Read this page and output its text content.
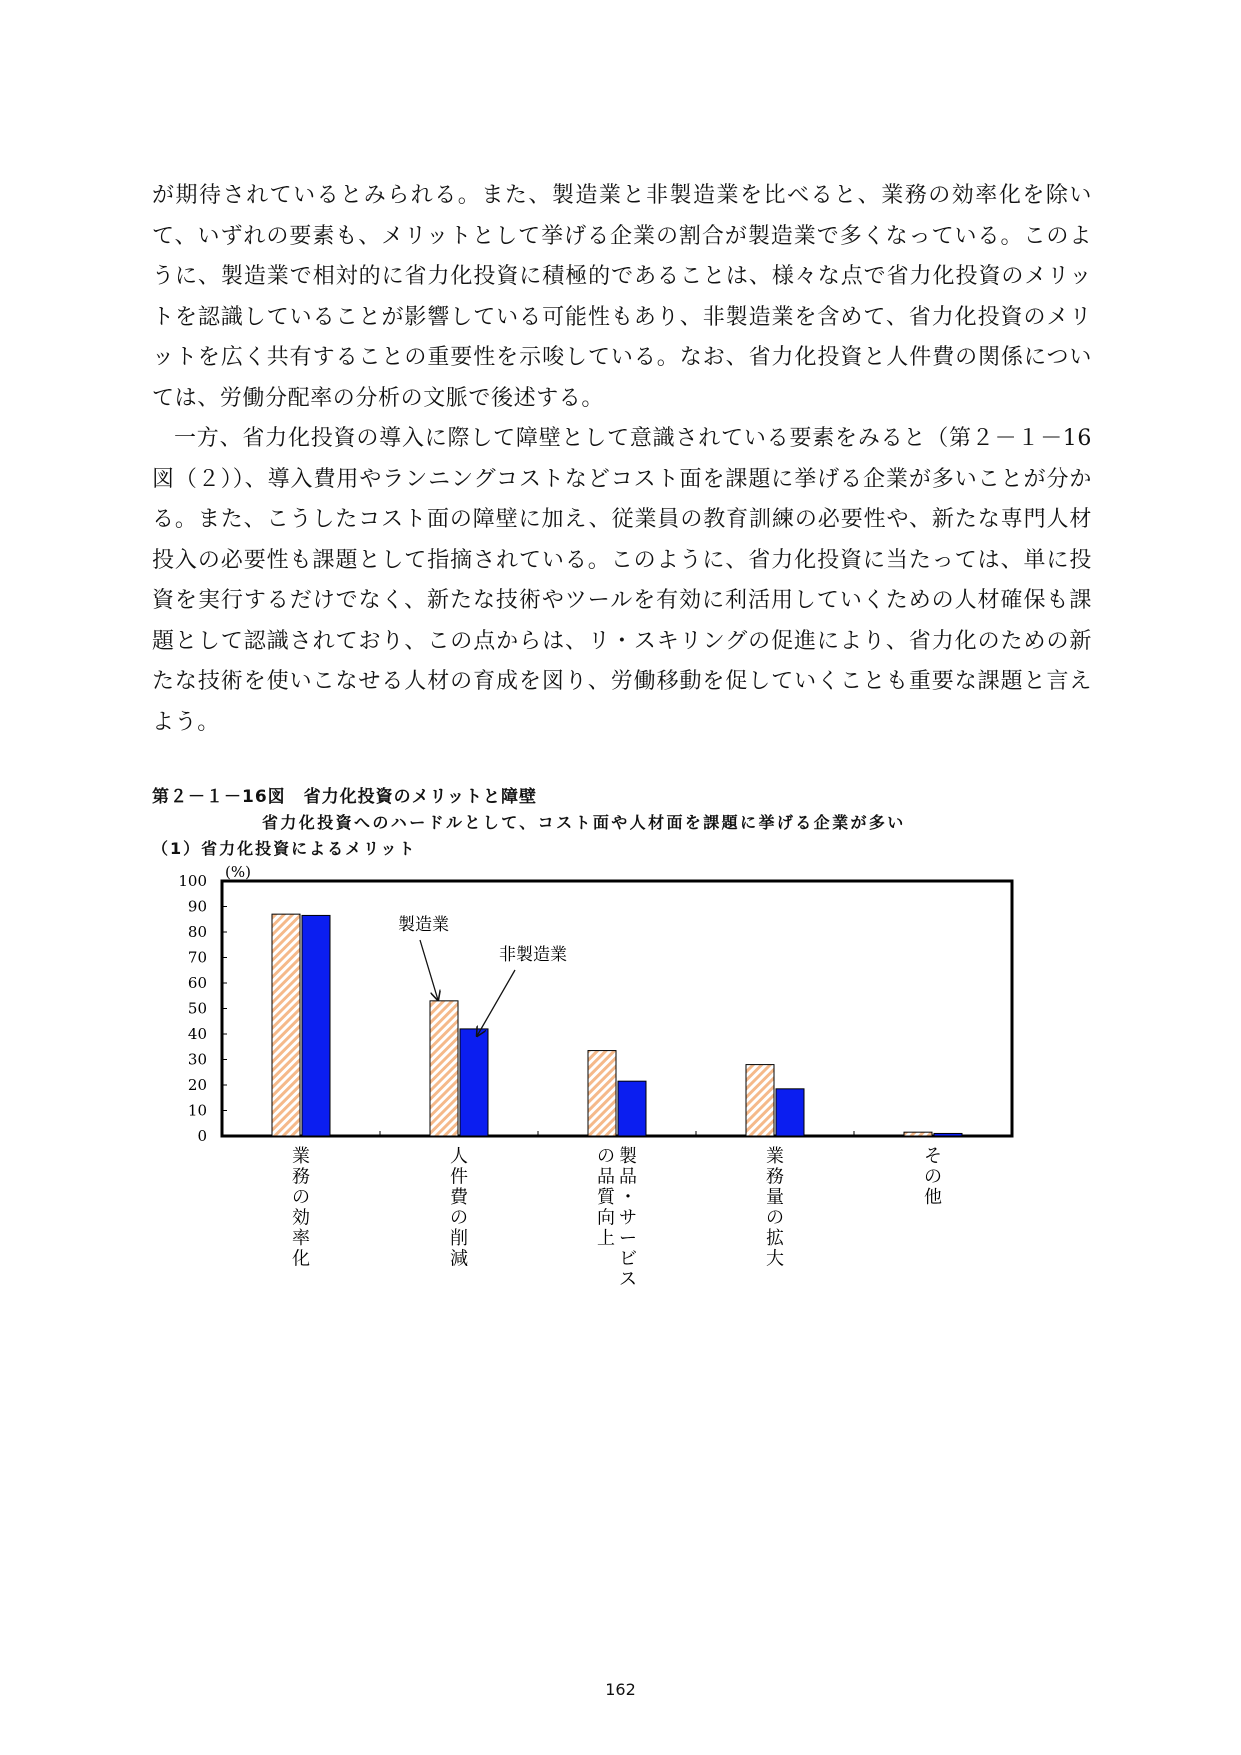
が期待されているとみられる。また、製造業と非製造業を比べると、業務の効率化を除いて、いずれの要素も、メリットとして挙げる企業の割合が製造業で多くなっている。このように、製造業で相対的に省力化投資に積極的であることは、様々な点で省力化投資のメリットを認識していることが影響している可能性もあり、非製造業を含めて、省力化投資のメリットを広く共有することの重要性を示唆している。なお、省力化投資と人件費の関係については、労働分配率の分析の文脈で後述する。

一方、省力化投資の導入に際して障壁として意識されている要素をみると（第２－１－16図（２））、導入費用やランニングコストなどコスト面を課題に挙げる企業が多いことが分かる。また、こうしたコスト面の障壁に加え、従業員の教育訓練の必要性や、新たな専門人材投入の必要性も課題として指摘されている。このように、省力化投資に当たっては、単に投資を実行するだけでなく、新たな技術やツールを有効に利活用していくための人材確保も課題として認識されており、この点からは、リ・スキリングの促進により、省力化のための新たな技術を使いこなせる人材の育成を図り、労働移動を促していくことも重要な課題と言えよう。

第２－１－16図　省力化投資のメリットと障壁
省力化投資へのハードルとして、コスト面や人材面を課題に挙げる企業が多い
（1）省力化投資によるメリット
100
90
80
70
60
50
40
30
20
10
0
業
務
の
効
率
化
人
件
費
の
削
減
製
品
・
サ
ー
ビ
ス
の
品
質
向
上
業
務
量
の
拡
大
そ
の
他
(%)
製造業
非製造業
162
